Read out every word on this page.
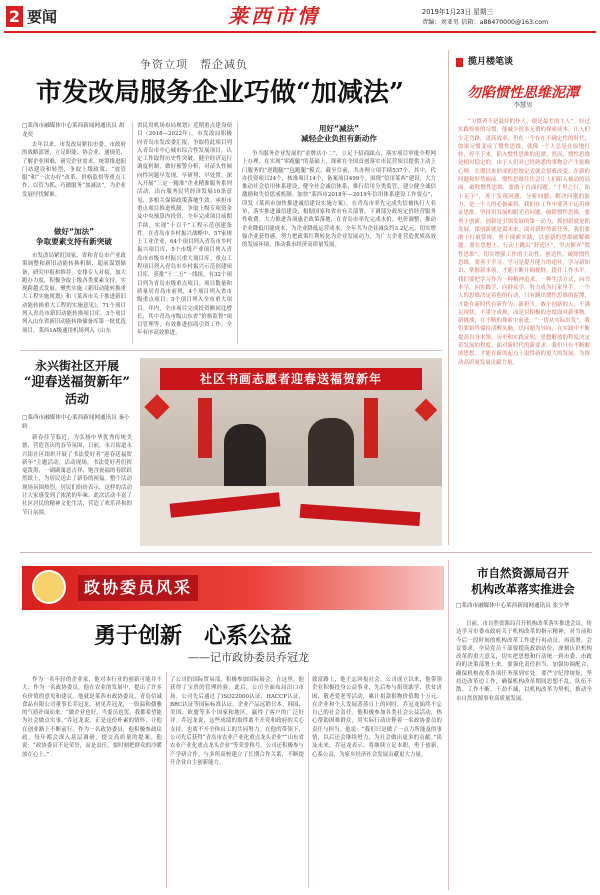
2 要闻	莱西市情	2019年1月23日 星期三
责编：刘亚男 信箱：a88470000@163.com
争资立项　帮企减负
市发改局服务企业巧做“加减法”
□莱西市融媒体中心莱西新闻网通讯员 胡龙奕
去年以来，市发改局紧扣市委、市政府的战略部署，立足职能、协会业、通规范，了解企业困难，研究企业需求，统筹推进阳门站建设和转型，争取上级政策、“放管服”和“一次办好”改革、价格监督等重点工作，以管为抓、巧做服务“加减法”，为企业发展纾忧解难。
做好“加法”
争取要素支持有新突破
市发改局紧盯国家、省和青岛市产业政策调整和新旧动能转换机制，超前谋划储备，研究申报和推荐。安排专人对接，加大跑办力度，积极争取上级各类要素支持，实现跨越式发展。聚焦实施《新旧动能转换重大工程实施规划》和《莱西市关于推进新旧动能转换重大工程的实施意见》，71个项目列入青岛市新旧动能转换项目库，3个项目列入山东省新旧动能转换储备库第一批优选项目。莱西1A级通用机场列入《山东
省民用机场布局规划》近期重点建设项目（2018—2022年）。市发改局积极向青岛市发改委汇报，争取将此项目列入青岛市中心城市综合性发展项目。认定工作取得历史性突破。健全经济运行调度机制，做好预警分析，对苗头性倾向性问题早发现、早研判、早处置。深入开展“三定一精准”企业精准服务系列活动，出台服务民营经济发展10条意见，多相关保障政策落地生效。承担市重点项目推进机制，争取上级专项资金及中央预算内投资，全年完成项目前期手续，实现“十百千”工程示范创建条件。在青岛市乡村振兴战略中，57家规上工业企业，64个项目列入青岛市乡村振兴项目库，5个市级产业项目列入青岛市市级乡村振兴重大项目库。重点工程项目列入青岛市乡村振兴示范创建项目库，获批“十二五”一线组。有32个项目列为青岛市级重点项目。项目数量和质量居青岛市前列，4个项目列入省市级重点项目；5个项目列入全市重大项目。年内，全市项目完成投资额同比增长，其中青岛市级山东省“价格监督”项目管理等，有效推进招商引资工作，全年有序高效推进。
用好“减法”
减轻企业负担有新动作
争当服务企业发展的“金牌店小二”，立足于招商踩点，落实项目审批全程网上办理，在实现“零跑腿”的基础上，探索在全国首创落实市民营项目提供主动上门服务的“逆跑腿”“包跑腿”模式，截至目前，共办理立项手续537个，其中，代办投资项目24个，核准项目14个，备案项目499个。围绕“信用莱西”建设，大力推动社会信用体系建设，健全社会诚信体系，推行信用分类监管，建立健全诚信激励和失信惩戒机制。加快“莱西市2018年—2019年信用体系建设工作要点”，印发《莱西市加快推进诚信建设实施方案》，在青岛市率先完成失信被执行人名单，落实推进诚信建设，根据国家和省市有关部署，下调部分政府定价经营服务性收费。大力推进各项惠企政策落地，在青岛市率先完成水价、电价调整，推动企业降低用能成本，为企业降低运营成本。全年共为企业减负约3.2亿元，切实增强企业获得感。努力把政策红利转化为企业发展动力，为广大企业营造优质高效的发展环境，推动我市经济高质量发展。
揽月楼笔谈
勿陷惯性思维泥潭
李慧男
“习惯者不是最好的仆人，便是最差的主人”。经过实践检验的习惯，能减少很多无谓的探索成本，让人们少走弯路，更高效率。但在一个存在不确定性的时代，如果习惯变成了惯性思维，就像一个人总是在原地打转，停不下来，陷入惯性思维的泥潭。然而，惯性思维是相对稳定的，由于人们对已经熟悉的事物会产生依赖心理，长期以来形成的思维定式就会很难改变，在新的问题和形势面前，惯性思维往往会让人们陷入被动的局面。破除惯性思维，要敢于直面问题。“千里之行，始于足下”，善于发现问题、分析问题、解决问题的能力，是一个人的必备素质。我们在工作中要善于运用辩证思维，坚持用发展的眼光看问题。破除惯性思维，要勇于创新。创新是引领发展的第一动力，抓创新就是抓发展，谋创新就是谋未来。面对新形势新任务，我们要敢于打破常规，勇于探索实践，以创新的思维破解难题。要在思想上、行动上跳出“舒适区”，坚决摒弃“惯性思维”，切实增强工作的主动性、创造性。破除惯性思维，要善于学习。学习是提升能力的途径，学习新知识、掌握新本领，才能不断开阔视野，提升工作水平。我们要把学习作为一种精神追求、一种生活方式，向书本学、向实践学、向群众学，努力成为行家里手。一个人的思维决定着他的行动，只有跳出惯性思维的泥潭，才能在新时代有新作为、新担当。敢于创新的人，不满足现状，不墨守成规，而是以积极的态度面对新事物、新挑战，在不断的探索中前进。“一切从实际出发”，我们要始终保持清醒头脑，以问题为导向，在实践中不断提高自身本领。历史和实践证明，思想解放的程度决定着发展的程度。面对新时代的新要求，我们只有不断解放思想，才能在新的起点上取得新的更大的发展，为推动高质量发展贡献力量。
永兴街社区开展
“迎春送福贺新年”
活动
□莱西市融媒体中心莱西新闻网通讯员 秦小娇
新春佳节临近，为弘扬中华优秀传统美德，营造喜庆的春节氛围，日前，永兴街道永兴街社区组织开展了书法爱好者“迎春送福贺新年”主题活动。活动现场，书法爱好者们挥毫泼墨，一副副寓意吉祥、饱含祝福的春联跃然纸上，为居民送去了新春的祝福。整个活动现场氛围热烈，居民们纷纷表示，这样的活动让大家感受到了浓浓的年味。此次活动丰富了社区居民的精神文化生活，营造了欢乐祥和的节日氛围。
社区书画志愿者迎春送福贺新年
政协委员风采
勇于创新　心系公益
——记市政协委员乔冠龙
作为一名年轻的企业家，他对本行业的创新可能并不大；作为一名政协委员，他在农业的发展中，提出了许多有价值的意见和建议。他就是莱西市政协委员、青岛信诚食品有限公司董事长乔冠龙。初见乔冠龙，一股温和儒雅的气质扑面而来。“做企业也好，当委员也罢，我都希望能为社会做点实事。”乔冠龙说，正是这份朴素的情怀，让他在创业路上不断前行。作为一名政协委员，他积极参政议政，每年都会深入基层调研，提交高质量的提案。他说：“政协委员不是荣誉，而是责任，要时刻把群众的冷暖放在心上。”
了公司的国际贸易部，积极参加国际展会。在这里，他获得了宝贵的管理经验。此后，公司全面布局出口市场。公司先后通过了ISO22000认证、HACCP认证、BRC认证等国际标准认证，企业产品远销日本、韩国、美国、欧盟等多个国家和地区，赢得了客户的广泛好评。乔冠龙说，这些成绩的取得离不开党和政府的关心支持，也离不开全体员工的共同努力。在他的带领下，公司先后获得“青岛市农业产业化重点龙头企业”“山东省农业产业化重点龙头企业”等荣誉称号。公司还积极参与产学研合作，与多所高校建立了长期合作关系，不断提升企业自主创新能力。
致富路上，他不忘回报社会。公司成立以来，他带领企业积极投身公益事业，先后参与捐资助学、扶贫济困、敬老爱老等活动，累计捐款捐物价值数十万元。在企业和个人发展蒸蒸日上的同时，乔冠龙始终不忘自己的社会责任。他积极参加各类社会公益活动，热心帮助困难群众，用实际行动诠释着一名政协委员的责任与担当。他说：“我们只是做了一点力所能及的事情，以后还会继续努力，为社会做出更多的贡献。”谈及未来，乔冠龙表示，将继续立足本职，勇于创新，心系公益，为家乡经济社会发展贡献更大力量。
市自然资源局召开
机构改革落实推进会
□莱西市融媒体中心莱西新闻网通讯员 张少华
日前，市自然资源局召开机构改革落实推进会议，传达学习市委市政府关于机构改革的指示精神，对当前和今后一段时间的机构改革工作进行再动员、再部署。会议要求，全局党员干部要提高政治站位，深刻认识机构改革的重大意义，切实把思想和行动统一到市委、市政府的决策部署上来。要强化责任担当，加强协调配合，确保机构改革各项任务落到实处。要严守纪律规矩，坚持边改革边工作，确保机构改革期间思想不乱、队伍不散、工作不断、干劲不减，以机构改革为契机，推动全市自然资源事业高质量发展。
